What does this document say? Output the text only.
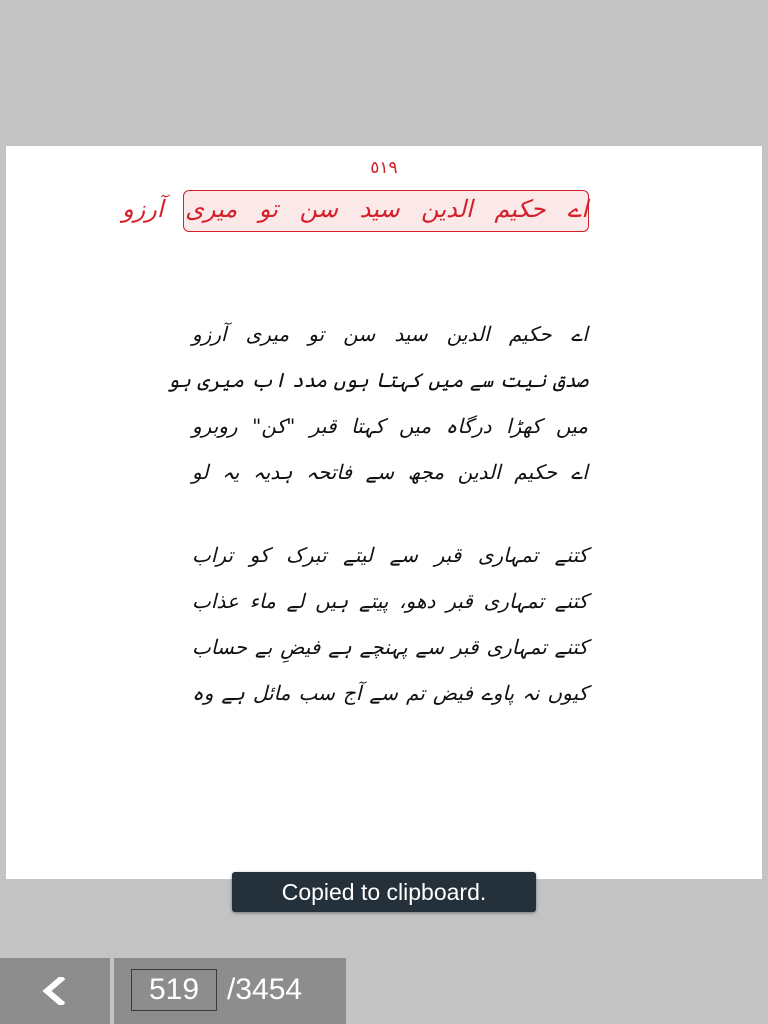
٥١٩
اے حکیم الدین سید سن تو میری آرزو
اے حکیم الدین سید سن تو میری آرزو
صدق نیت سے میں کہتا ہوں مدد اب میری ہو
میں کھڑا درگاہ میں کہتا قبر "کن" روبرو
اے حکیم الدین مجھ سے فاتحہ ہدیہ یہ لو
کتنے تمہاری قبر سے لیتے تبرک کو تراب
کتنے تمہاری قبر دھو، پیتے ہیں لے ماء عذاب
کتنے تمہاری قبر سے پہنچے ہے فیضِ بے حساب
کیوں نہ پاوے فیض تم سے آج سب مائل ہے وہ
Copied to clipboard.
519
/3454
